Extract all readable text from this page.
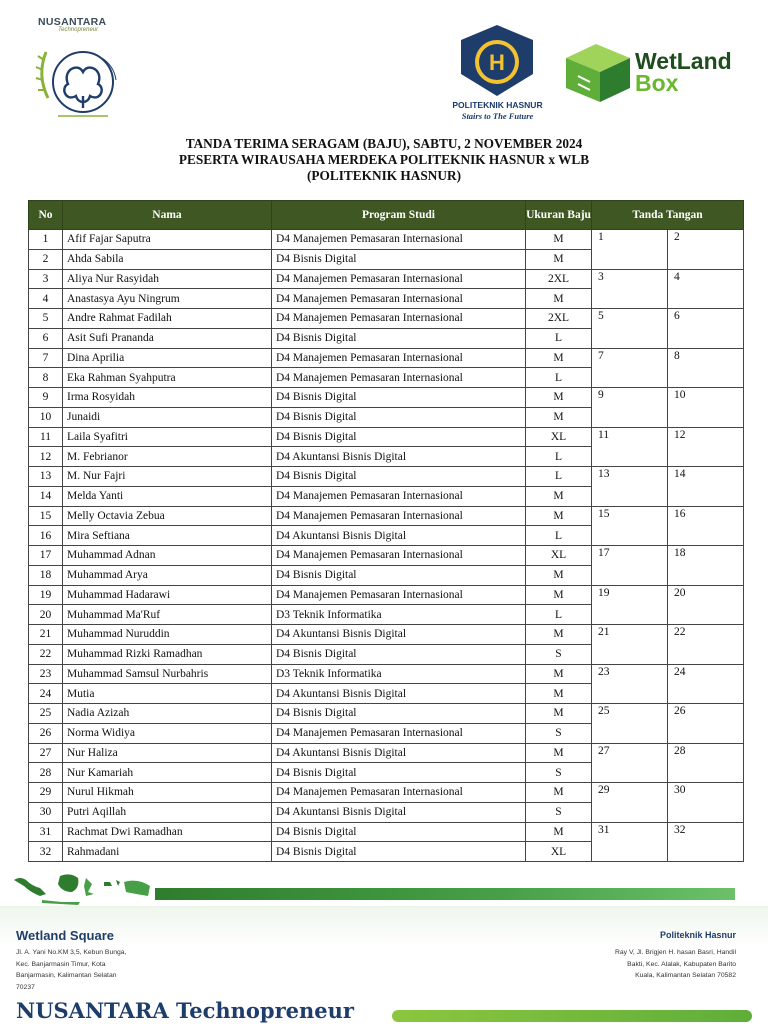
NUSANTARA
Technopreneur
H
POLITEKNIK HASNUR
Stairs to The Future
WetLand
Box
TANDA TERIMA SERAGAM (BAJU), SABTU, 2 NOVEMBER 2024
PESERTA WIRAUSAHA MERDEKA POLITEKNIK HASNUR x WLB
(POLITEKNIK HASNUR)
No	Nama	Program Studi	Ukuran Baju	Tanda Tangan	
1	Afif Fajar Saputra	D4 Manajemen Pemasaran Internasional	M	1	2
2	Ahda Sabila	D4 Bisnis Digital	M		
3	Aliya Nur Rasyidah	D4 Manajemen Pemasaran Internasional	2XL	3	4
4	Anastasya Ayu Ningrum	D4 Manajemen Pemasaran Internasional	M		
5	Andre Rahmat Fadilah	D4 Manajemen Pemasaran Internasional	2XL	5	6
6	Asit Sufi Prananda	D4 Bisnis Digital	L		
7	Dina Aprilia	D4 Manajemen Pemasaran Internasional	M	7	8
8	Eka Rahman Syahputra	D4 Manajemen Pemasaran Internasional	L		
9	Irma Rosyidah	D4 Bisnis Digital	M	9	10
10	Junaidi	D4 Bisnis Digital	M		
11	Laila Syafitri	D4 Bisnis Digital	XL	11	12
12	M. Febrianor	D4 Akuntansi Bisnis Digital	L		
13	M. Nur Fajri	D4 Bisnis Digital	L	13	14
14	Melda Yanti	D4 Manajemen Pemasaran Internasional	M		
15	Melly Octavia Zebua	D4 Manajemen Pemasaran Internasional	M	15	16
16	Mira Seftiana	D4 Akuntansi Bisnis Digital	L		
17	Muhammad Adnan	D4 Manajemen Pemasaran Internasional	XL	17	18
18	Muhammad Arya	D4 Bisnis Digital	M		
19	Muhammad Hadarawi	D4 Manajemen Pemasaran Internasional	M	19	20
20	Muhammad Ma'Ruf	D3 Teknik Informatika	L		
21	Muhammad Nuruddin	D4 Akuntansi Bisnis Digital	M	21	22
22	Muhammad Rizki Ramadhan	D4 Bisnis Digital	S		
23	Muhammad Samsul Nurbahris	D3 Teknik Informatika	M	23	24
24	Mutia	D4 Akuntansi Bisnis Digital	M		
25	Nadia Azizah	D4 Bisnis Digital	M	25	26
26	Norma Widiya	D4 Manajemen Pemasaran Internasional	S		
27	Nur Haliza	D4 Akuntansi Bisnis Digital	M	27	28
28	Nur Kamariah	D4 Bisnis Digital	S		
29	Nurul Hikmah	D4 Manajemen Pemasaran Internasional	M	29	30
30	Putri Aqillah	D4 Akuntansi Bisnis Digital	S		
31	Rachmat Dwi Ramadhan	D4 Bisnis Digital	M	31	32
32	Rahmadani	D4 Bisnis Digital	XL		
Wetland Square
Jl. A. Yani No.KM 3,5, Kebun Bunga,
Kec. Banjarmasin Timur, Kota
Banjarmasin, Kalimantan Selatan
70237
Politeknik Hasnur
Ray V, Jl. Brigjen H. hasan Basri, Handil
Bakti, Kec. Alalak, Kabupaten Barito
Kuala, Kalimantan Selatan 70582
NUSANTARA Technopreneur
